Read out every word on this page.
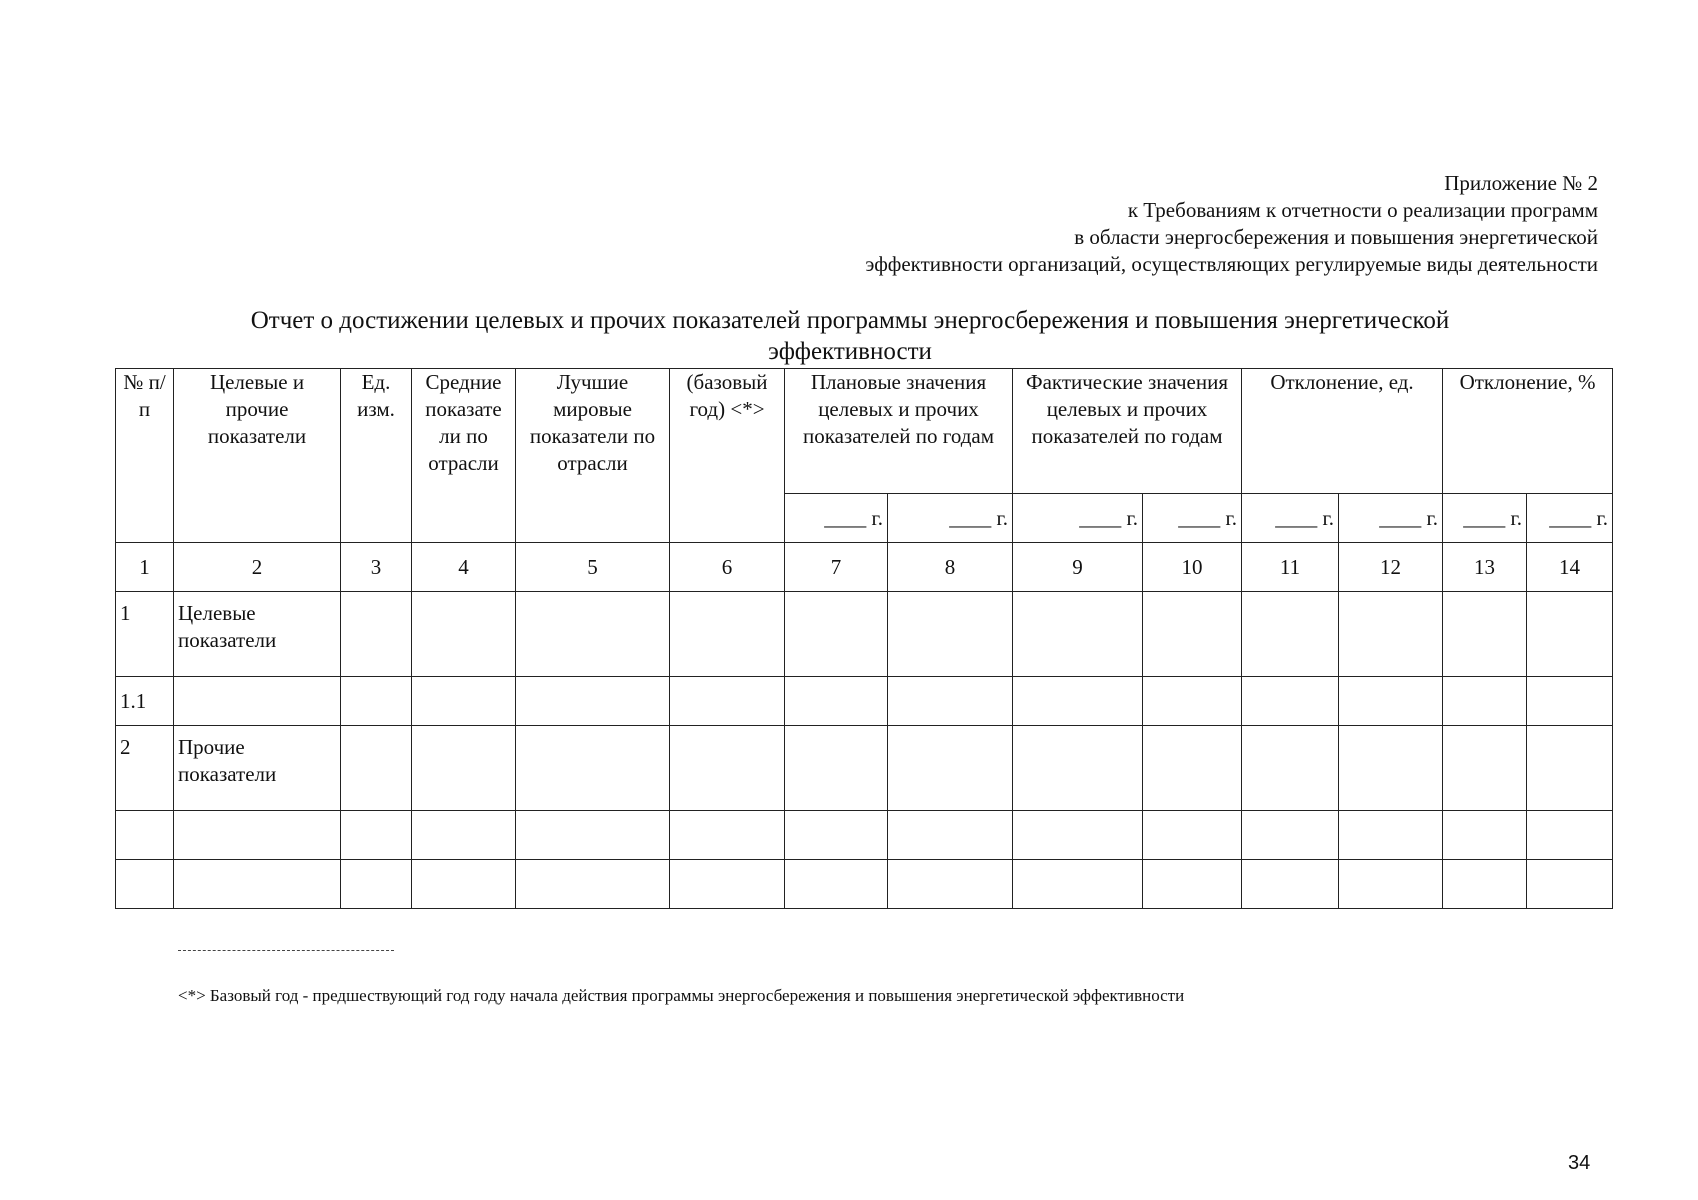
Приложение № 2
к Требованиям к отчетности о реализации программ
в области энергосбережения и повышения энергетической
эффективности организаций, осуществляющих регулируемые виды деятельности
Отчет о достижении целевых и прочих показателей программы энергосбережения и повышения энергетической
эффективности
№ п/п	Целевые и прочие показатели	Ед. изм.	Средние показате ли по отрасли	Лучшие мировые показатели по отрасли	(базовый год) <*>	Плановые значения целевых и прочих показателей по годам		Фактические значения целевых и прочих показателей по годам		Отклонение, ед.		Отклонение, %	
						____ г.	____ г.	____ г.	____ г.	____ г.	____ г.	____ г.	____ г.
1	2	3	4	5	6	7	8	9	10	11	12	13	14
1	Целевые показатели												
1.1													
2	Прочие показатели												

<*> Базовый год - предшествующий год году начала действия программы энергосбережения и повышения энергетической эффективности
34
